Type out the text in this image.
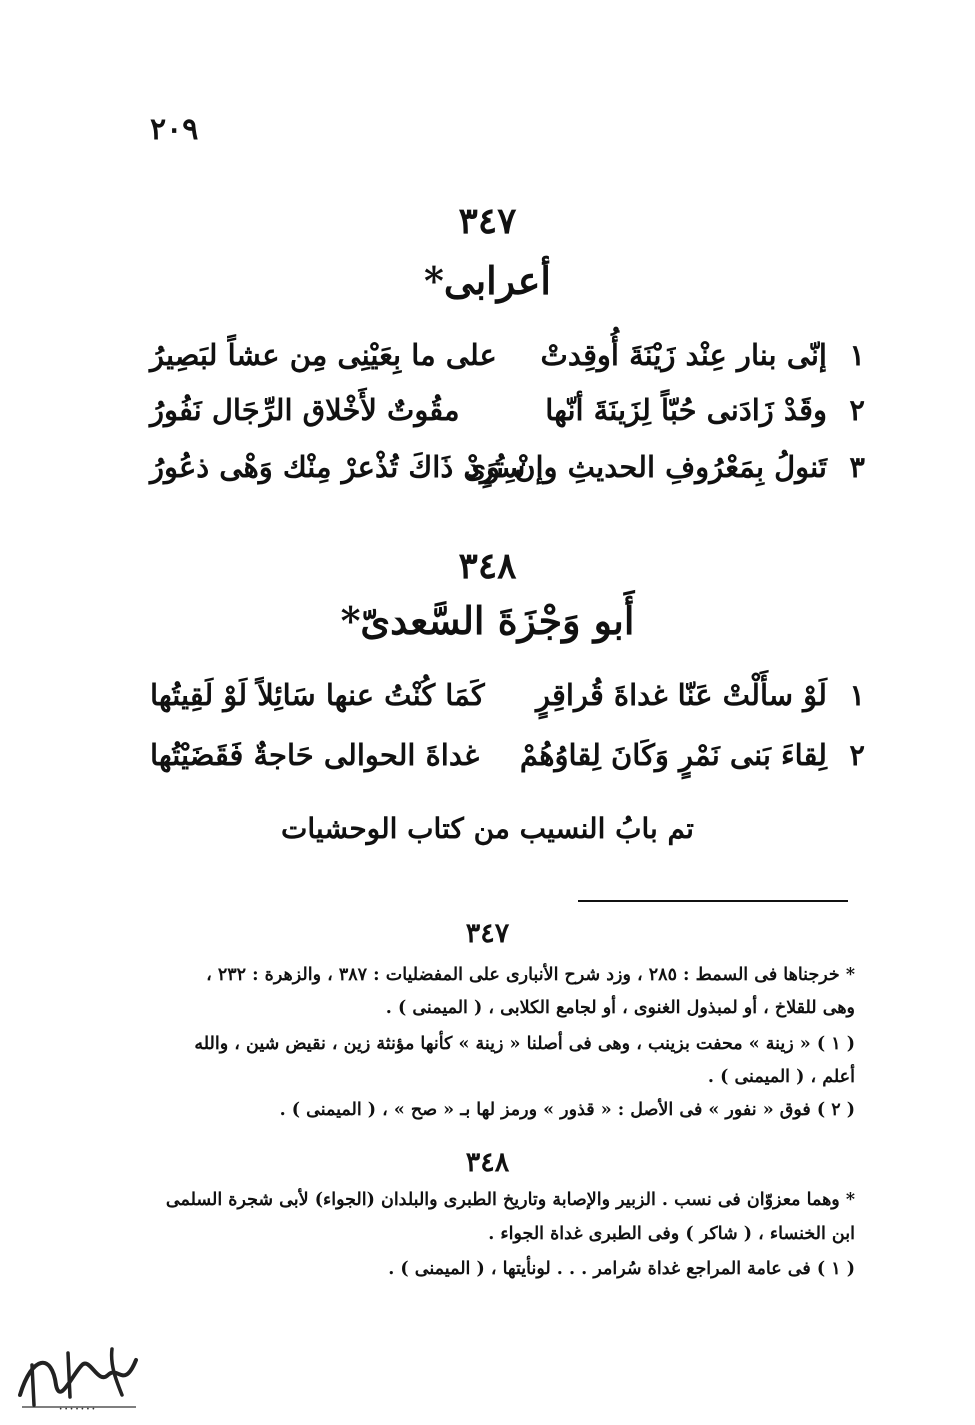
٢٠٩
٣٤٧
أعرابى*
١
إنّى بنار عِنْد زَيْنَةَ أُوقِدتْ
على ما بِعَيْنِى مِن عشاً لبَصِيرُ
٢
وقَدْ زَادَنى حُبّاً لِزَينَةَ أنّها
مقُوتٌ لأَخْلاق الرِّجَال نَفُورُ
٣
تَنولُ بِمَعْرُوفِ الحديثِ وإنْ تُرِدْ
سِوَى ذَاكَ تُذْعرْ مِنْك وَهْى ذعُورُ
٣٤٨
أَبو وَجْزَةَ السَّعدىّ*
١
لَوْ سأَلْتْ عَنّا غداةَ قُراقِرٍ
كَمَا كُنْتُ عنها سَائِلاً لَوْ لَقِيتُها
٢
لِقاءَ بَنى نَمْرٍ وَكَانَ لِقاوُهُمْ
غداةَ الحوالى حَاجةٌ فَقَضَيْتُها
تم بابُ النسيب من كتاب الوحشيات
٣٤٧
* خرجناها فى السمط : ٢٨٥ ، وزد شرح الأنبارى على المفضليات : ٣٨٧ ، والزهرة : ٢٣٢ ،
وهى للقلاخ ، أو لمبذول الغنوى ، أو لجامع الكلابى ، ( الميمنى ) .
( ١ ) « زينة » محفت بزينب ، وهى فى أصلنا « زينة » كأنها مؤنثة زين ، نقيض شين ، والله
أعلم ، ( الميمنى ) .
( ٢ ) فوق « نفور » فى الأصل : « قذور » ورمز لها بـ « صح » ، ( الميمنى ) .
٣٤٨
* وهما معزوّان فى نسب . الزبير والإصابة وتاريخ الطبرى والبلدان (الجواء) لأبى شجرة السلمى
ابن الخنساء ، ( شاكر ) وفى الطبرى غداة الجواء .
( ١ ) فى عامة المراجع غداة سُرامر . . . لونأيتها ، ( الميمنى ) .
• • • • • • •
